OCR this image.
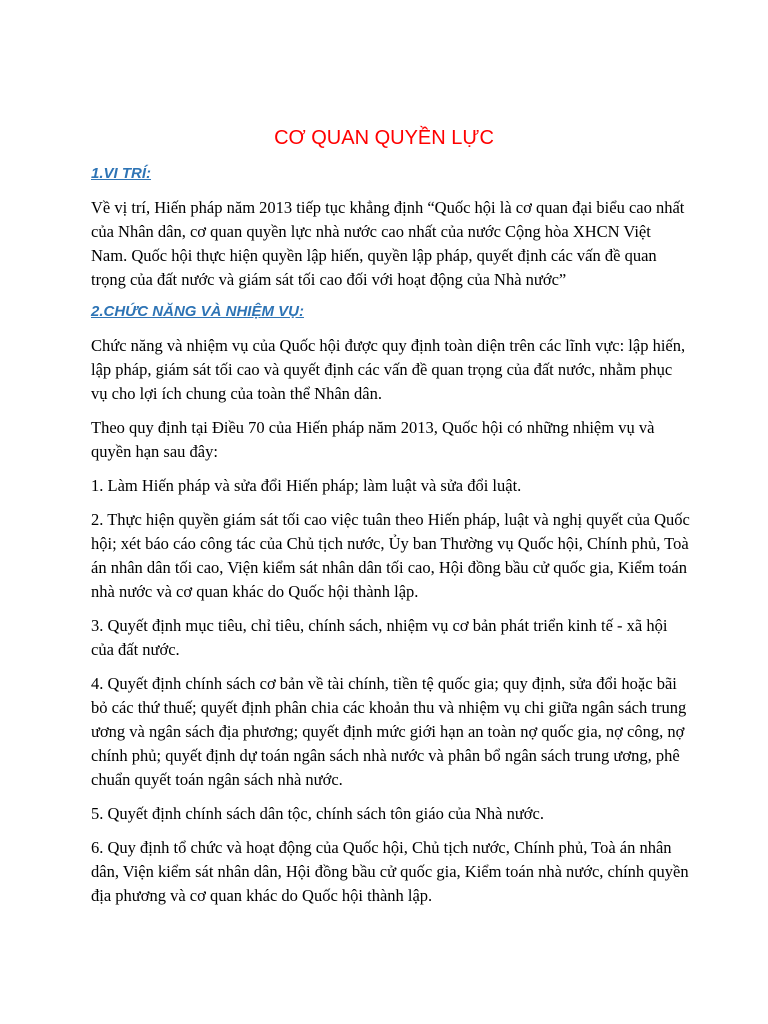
CƠ QUAN QUYỀN LỰC
1.VI TRÍ:

Về vị trí, Hiến pháp năm 2013 tiếp tục khẳng định “Quốc hội là cơ quan đại biểu cao nhất của Nhân dân, cơ quan quyền lực nhà nước cao nhất của nước Cộng hòa XHCN Việt Nam. Quốc hội thực hiện quyền lập hiến, quyền lập pháp, quyết định các vấn đề quan trọng của đất nước và giám sát tối cao đối với hoạt động của Nhà nước”

2.CHỨC NĂNG VÀ NHIỆM VỤ:

Chức năng và nhiệm vụ của Quốc hội được quy định toàn diện trên các lĩnh vực: lập hiến, lập pháp, giám sát tối cao và quyết định các vấn đề quan trọng của đất nước, nhằm phục vụ cho lợi ích chung của toàn thể Nhân dân.

Theo quy định tại Điều 70 của Hiến pháp năm 2013, Quốc hội có những nhiệm vụ và quyền hạn sau đây:

1. Làm Hiến pháp và sửa đổi Hiến pháp; làm luật và sửa đổi luật.

2. Thực hiện quyền giám sát tối cao việc tuân theo Hiến pháp, luật và nghị quyết của Quốc hội; xét báo cáo công tác của Chủ tịch nước, Ủy ban Thường vụ Quốc hội, Chính phủ, Toà án nhân dân tối cao, Viện kiểm sát nhân dân tối cao, Hội đồng bầu cử quốc gia, Kiểm toán nhà nước và cơ quan khác do Quốc hội thành lập.

3. Quyết định mục tiêu, chỉ tiêu, chính sách, nhiệm vụ cơ bản phát triển kinh tế - xã hội của đất nước.

4. Quyết định chính sách cơ bản về tài chính, tiền tệ quốc gia; quy định, sửa đổi hoặc bãi bỏ các thứ thuế; quyết định phân chia các khoản thu và nhiệm vụ chi giữa ngân sách trung ương và ngân sách địa phương; quyết định mức giới hạn an toàn nợ quốc gia, nợ công, nợ chính phủ; quyết định dự toán ngân sách nhà nước và phân bổ ngân sách trung ương, phê chuẩn quyết toán ngân sách nhà nước.

5. Quyết định chính sách dân tộc, chính sách tôn giáo của Nhà nước.

6. Quy định tổ chức và hoạt động của Quốc hội, Chủ tịch nước, Chính phủ, Toà án nhân dân, Viện kiểm sát nhân dân, Hội đồng bầu cử quốc gia, Kiểm toán nhà nước, chính quyền địa phương và cơ quan khác do Quốc hội thành lập.
